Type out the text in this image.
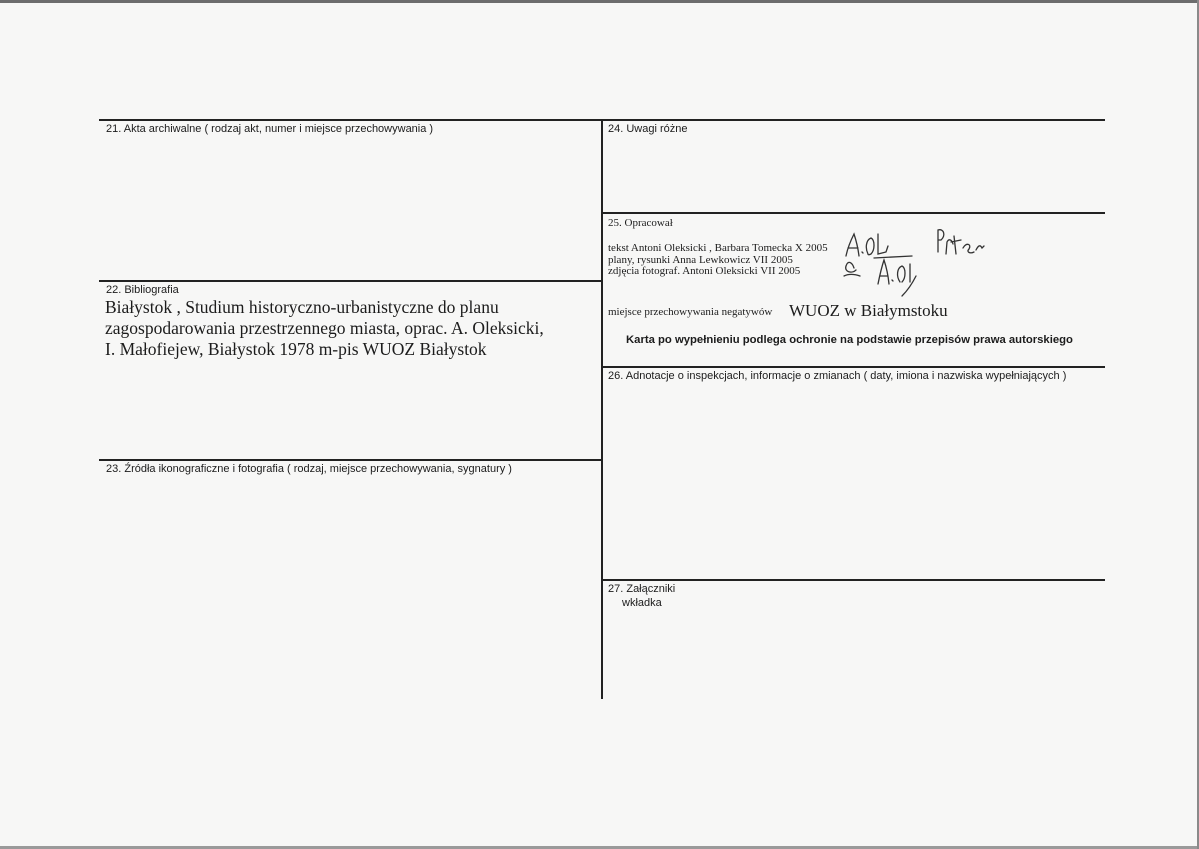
21. Akta archiwalne ( rodzaj akt, numer i miejsce przechowywania )
22. Bibliografia
Białystok , Studium historyczno-urbanistyczne do planu
zagospodarowania przestrzennego miasta, oprac. A. Oleksicki,
I. Małofiejew, Białystok 1978 m-pis WUOZ Białystok
23. Źródła ikonograficzne i fotografia ( rodzaj, miejsce przechowywania, sygnatury )
24. Uwagi różne
25. Opracował
tekst Antoni Oleksicki , Barbara Tomecka X 2005
plany, rysunki Anna Lewkowicz VII 2005
zdjęcia fotograf. Antoni Oleksicki VII 2005
miejsce przechowywania negatywów WUOZ w Białymstoku
Karta po wypełnieniu podlega ochronie na podstawie przepisów prawa autorskiego
26. Adnotacje o inspekcjach, informacje o zmianach ( daty, imiona i nazwiska wypełniających )
27. Załączniki
wkładka
